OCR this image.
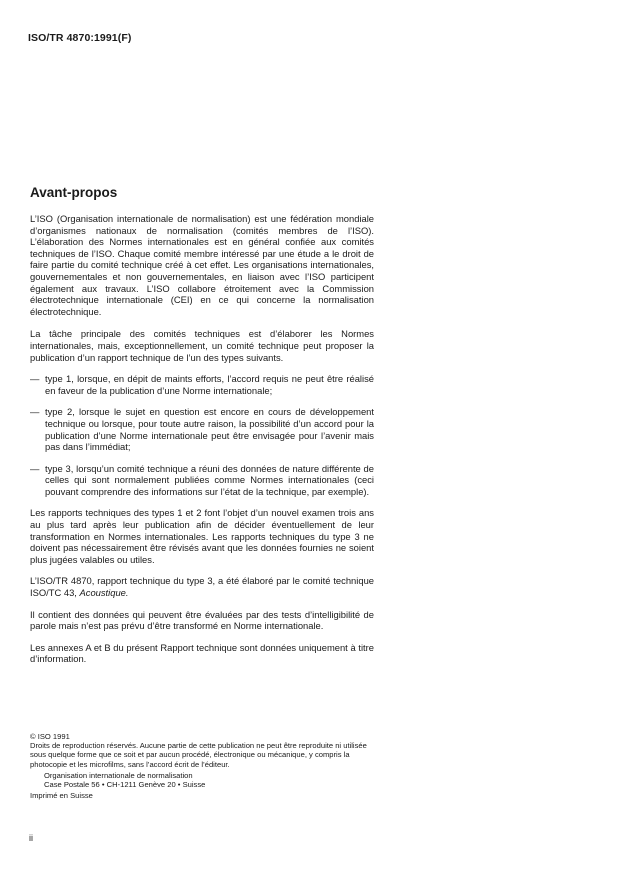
ISO/TR 4870:1991(F)
Avant-propos

L’ISO (Organisation internationale de normalisation) est une fédération mondiale d’organismes nationaux de normalisation (comités membres de l’ISO). L’élaboration des Normes internationales est en général confiée aux comités techniques de l’ISO. Chaque comité membre intéressé par une étude a le droit de faire partie du comité technique créé à cet effet. Les organisations internationales, gouvernementales et non gouvernementales, en liaison avec l’ISO participent également aux travaux. L’ISO collabore étroitement avec la Commission électrotechnique internationale (CEI) en ce qui concerne la normalisation électrotechnique.

La tâche principale des comités techniques est d’élaborer les Normes internationales, mais, exceptionnellement, un comité technique peut proposer la publication d’un rapport technique de l’un des types suivants.

— type 1, lorsque, en dépit de maints efforts, l’accord requis ne peut être réalisé en faveur de la publication d’une Norme internationale;
— type 2, lorsque le sujet en question est encore en cours de développement technique ou lorsque, pour toute autre raison, la possibilité d’un accord pour la publication d’une Norme internationale peut être envisagée pour l’avenir mais pas dans l’immédiat;
— type 3, lorsqu’un comité technique a réuni des données de nature différente de celles qui sont normalement publiées comme Normes internationales (ceci pouvant comprendre des informations sur l’état de la technique, par exemple).

Les rapports techniques des types 1 et 2 font l’objet d’un nouvel examen trois ans au plus tard après leur publication afin de décider éventuellement de leur transformation en Normes internationales. Les rapports techniques du type 3 ne doivent pas nécessairement être révisés avant que les données fournies ne soient plus jugées valables ou utiles.

L’ISO/TR 4870, rapport technique du type 3, a été élaboré par le comité technique ISO/TC 43, Acoustique.

Il contient des données qui peuvent être évaluées par des tests d’intelligibilité de parole mais n’est pas prévu d’être transformé en Norme internationale.

Les annexes A et B du présent Rapport technique sont données uniquement à titre d’information.

© ISO 1991
Droits de reproduction réservés. Aucune partie de cette publication ne peut être reproduite ni utilisée sous quelque forme que ce soit et par aucun procédé, électronique ou mécanique, y compris la photocopie et les microfilms, sans l’accord écrit de l’éditeur.
Organisation internationale de normalisation
Case Postale 56 • CH-1211 Genève 20 • Suisse
Imprimé en Suisse
ii
